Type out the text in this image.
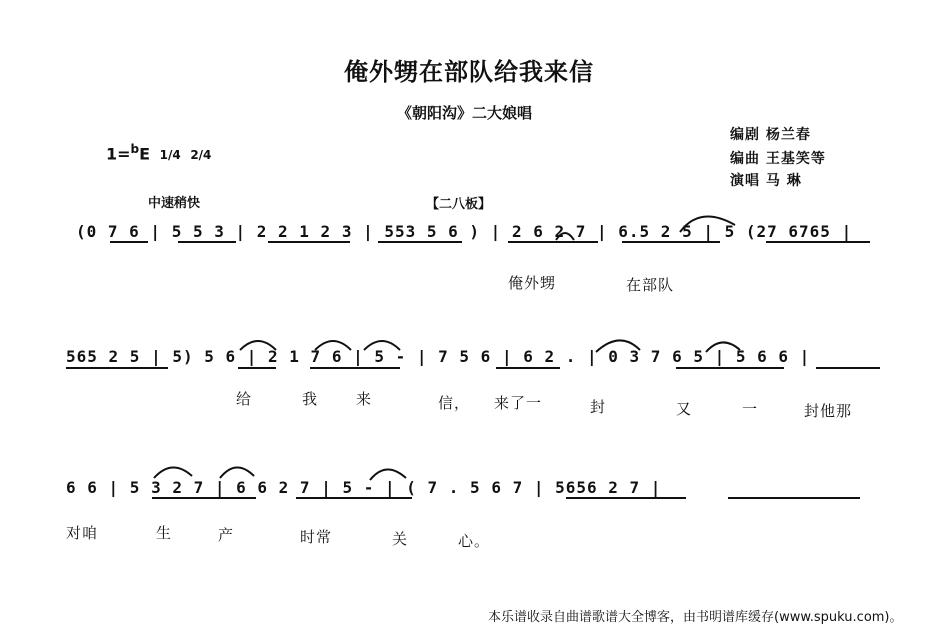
俺外甥在部队给我来信
《朝阳沟》二大娘唱
1=$^b$E 1/4 2/4
编剧 杨兰春
编曲 王基笑等
演唱 马 琳
中速稍快	【二八板】
(0 7 6 | 5 5 3 | 2 2 1 2 3 | 553 5 6 ) | 2 6 2 7 | 6.5 2 5 | 5 (27 6765 |
俺外甥	在部队
565 2 5 | 5) 5 6 | 2 1 7 6 | 5 - | 7 5 6 | 6 2 . | 0 3 7 6 5 | 5 6 6 |
给	我	来	信， 来了一	封	又	一	封他那
6 6 | 5 3 2 7 | 6 6 2 7 | 5 - | ( 7 . 5 6 7 | 5656 2 7 |
对咱	生	产	时常	关	心。
本乐谱收录自曲谱歌谱大全博客，由书明谱库缓存(www.spuku.com)。
